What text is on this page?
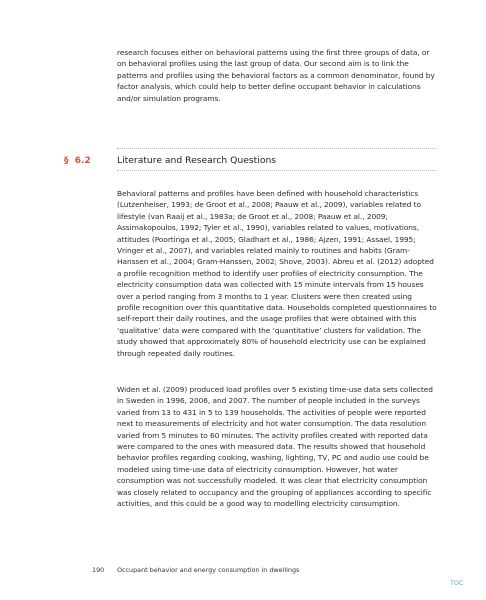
research focuses either on behavioral patterns using the first three groups of data, or on behavioral profiles using the last group of data. Our second aim is to link the patterns and profiles using the behavioral factors as a common denominator, found by factor analysis, which could help to better define occupant behavior in calculations and/or simulation programs.

§ 6.2	Literature and Research Questions

Behavioral patterns and profiles have been defined with household characteristics (Lutzenheiser, 1993; de Groot et al., 2008; Paauw et al., 2009), variables related to lifestyle (van Raaij et al., 1983a; de Groot et al., 2008; Paauw et al., 2009; Assimakopoulos, 1992; Tyler et al., 1990), variables related to values, motivations, attitudes (Poortinga et al., 2005; Gladhart et al., 1986; Ajzen, 1991; Assael, 1995; Vringer et al., 2007), and variables related mainly to routines and habits (Gram-Hanssen et al., 2004; Gram-Hanssen, 2002; Shove, 2003). Abreu et al. (2012) adopted a profile recognition method to identify user profiles of electricity consumption. The electricity consumption data was collected with 15 minute intervals from 15 houses over a period ranging from 3 months to 1 year. Clusters were then created using profile recognition over this quantitative data. Households completed questionnaires to self-report their daily routines, and the usage profiles that were obtained with this ‘qualitative’ data were compared with the ‘quantitative’ clusters for validation. The study showed that approximately 80% of household electricity use can be explained through repeated daily routines.

Widen et al. (2009) produced load profiles over 5 existing time-use data sets collected in Sweden in 1996, 2006, and 2007. The number of people included in the surveys varied from 13 to 431 in 5 to 139 households. The activities of people were reported next to measurements of electricity and hot water consumption. The data resolution varied from 5 minutes to 60 minutes. The activity profiles created with reported data were compared to the ones with measured data. The results showed that household behavior profiles regarding cooking, washing, lighting, TV, PC and audio use could be modeled using time-use data of electricity consumption. However, hot water consumption was not successfully modeled. It was clear that electricity consumption was closely related to occupancy and the grouping of appliances according to specific activities, and this could be a good way to modelling electricity consumption.

190 Occupant behavior and energy consumption in dwellings
TOC
